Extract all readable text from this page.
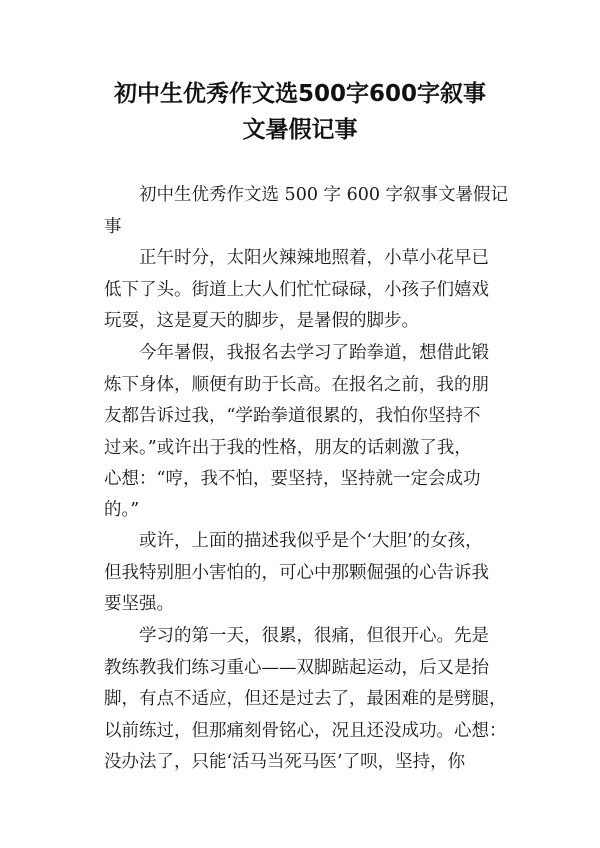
初中生优秀作文选500字600字叙事
文暑假记事
初中生优秀作文选 500 字 600 字叙事文暑假记
事
正午时分，太阳火辣辣地照着，小草小花早已
低下了头。街道上大人们忙忙碌碌，小孩子们嬉戏
玩耍，这是夏天的脚步，是暑假的脚步。
今年暑假，我报名去学习了跆拳道，想借此锻
炼下身体，顺便有助于长高。在报名之前，我的朋
友都告诉过我，“学跆拳道很累的，我怕你坚持不
过来。”或许出于我的性格，朋友的话刺激了我，
心想：“哼，我不怕，要坚持，坚持就一定会成功
的。”
或许，上面的描述我似乎是个‘大胆’的女孩，
但我特别胆小害怕的，可心中那颗倔强的心告诉我
要坚强。
学习的第一天，很累，很痛，但很开心。先是
教练教我们练习重心——双脚踮起运动，后又是抬
脚，有点不适应，但还是过去了，最困难的是劈腿，
以前练过，但那痛刻骨铭心，况且还没成功。心想：
没办法了，只能‘活马当死马医’了呗，坚持，你
